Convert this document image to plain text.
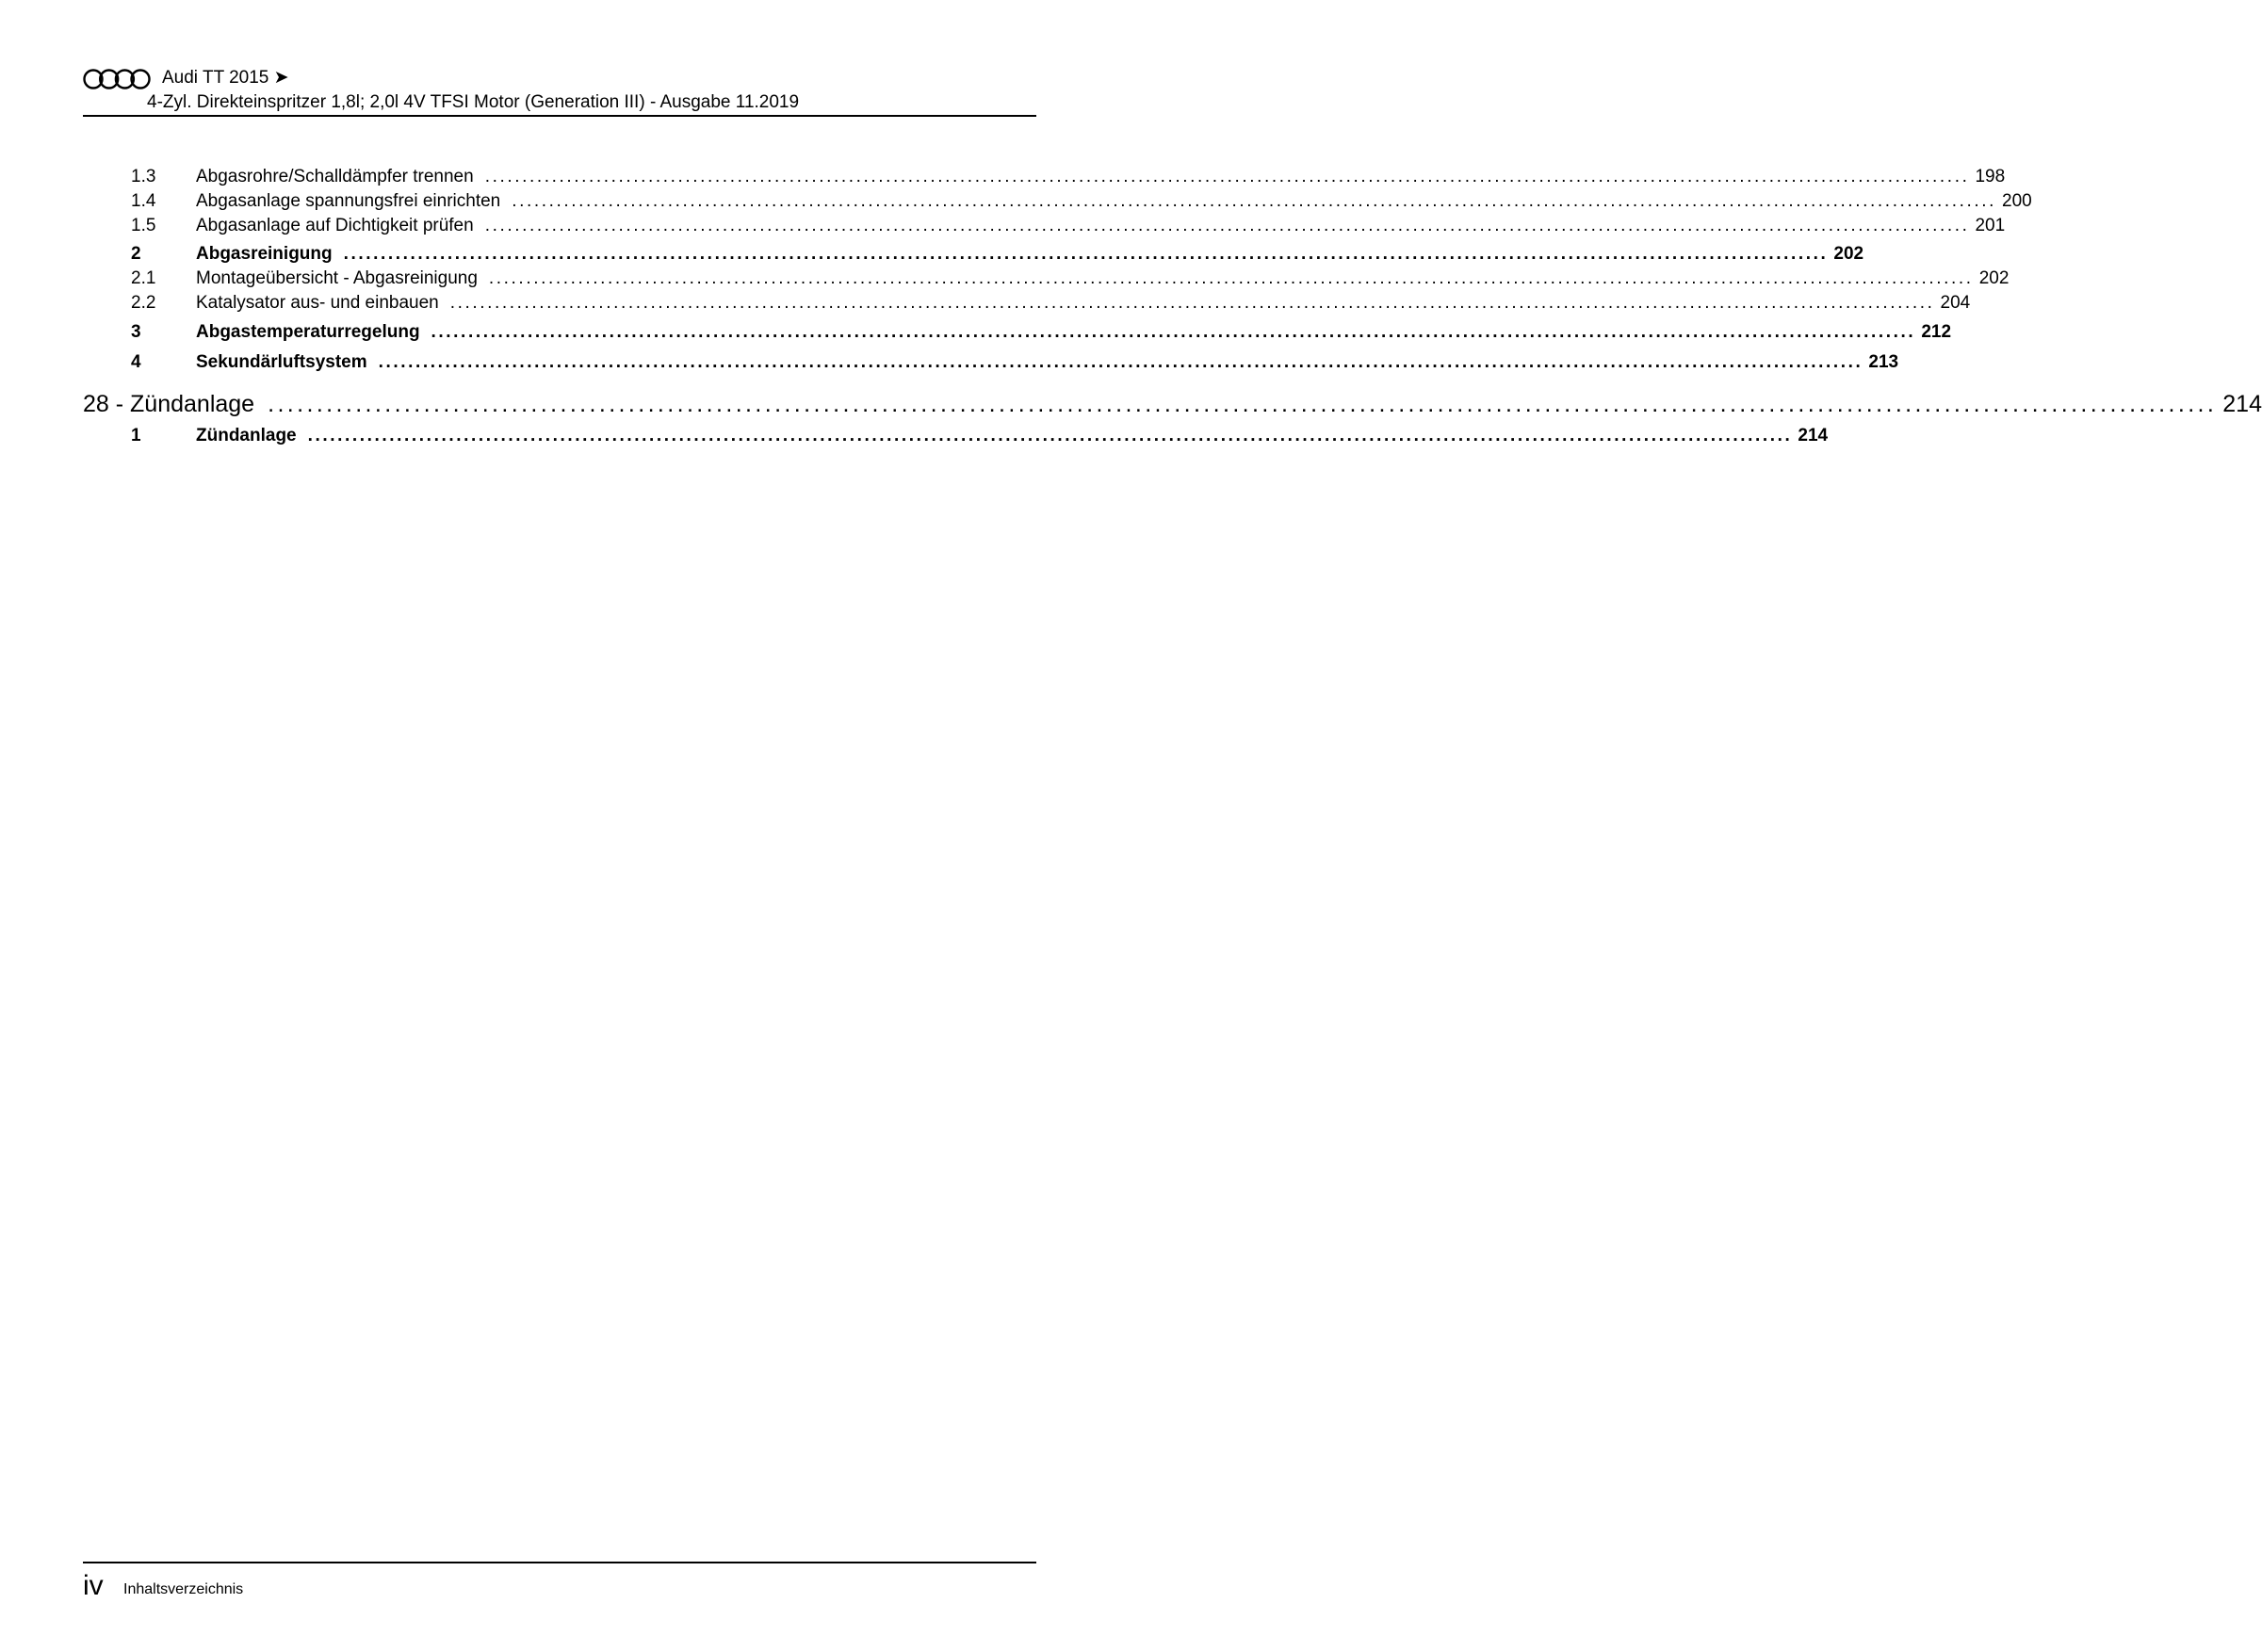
Audi TT 2015 ➤
4-Zyl. Direkteinspritzer 1,8l; 2,0l 4V TFSI Motor (Generation III) - Ausgabe 11.2019
1.3	Abgasrohre/Schalldämpfer trennen ........................................................................................................................................................................................................ 198
1.4	Abgasanlage spannungsfrei einrichten ........................................................................................................................................................................................................ 200
1.5	Abgasanlage auf Dichtigkeit prüfen ........................................................................................................................................................................................................ 201
2	Abgasreinigung ........................................................................................................................................................................................................ 202
2.1	Montageübersicht - Abgasreinigung ........................................................................................................................................................................................................ 202
2.2	Katalysator aus- und einbauen ........................................................................................................................................................................................................ 204
3	Abgastemperaturregelung ........................................................................................................................................................................................................ 212
4	Sekundärluftsystem ........................................................................................................................................................................................................ 213
28 - Zündanlage ........................................................................................................................................................................................................ 214
1	Zündanlage ........................................................................................................................................................................................................ 214
iv Inhaltsverzeichnis
